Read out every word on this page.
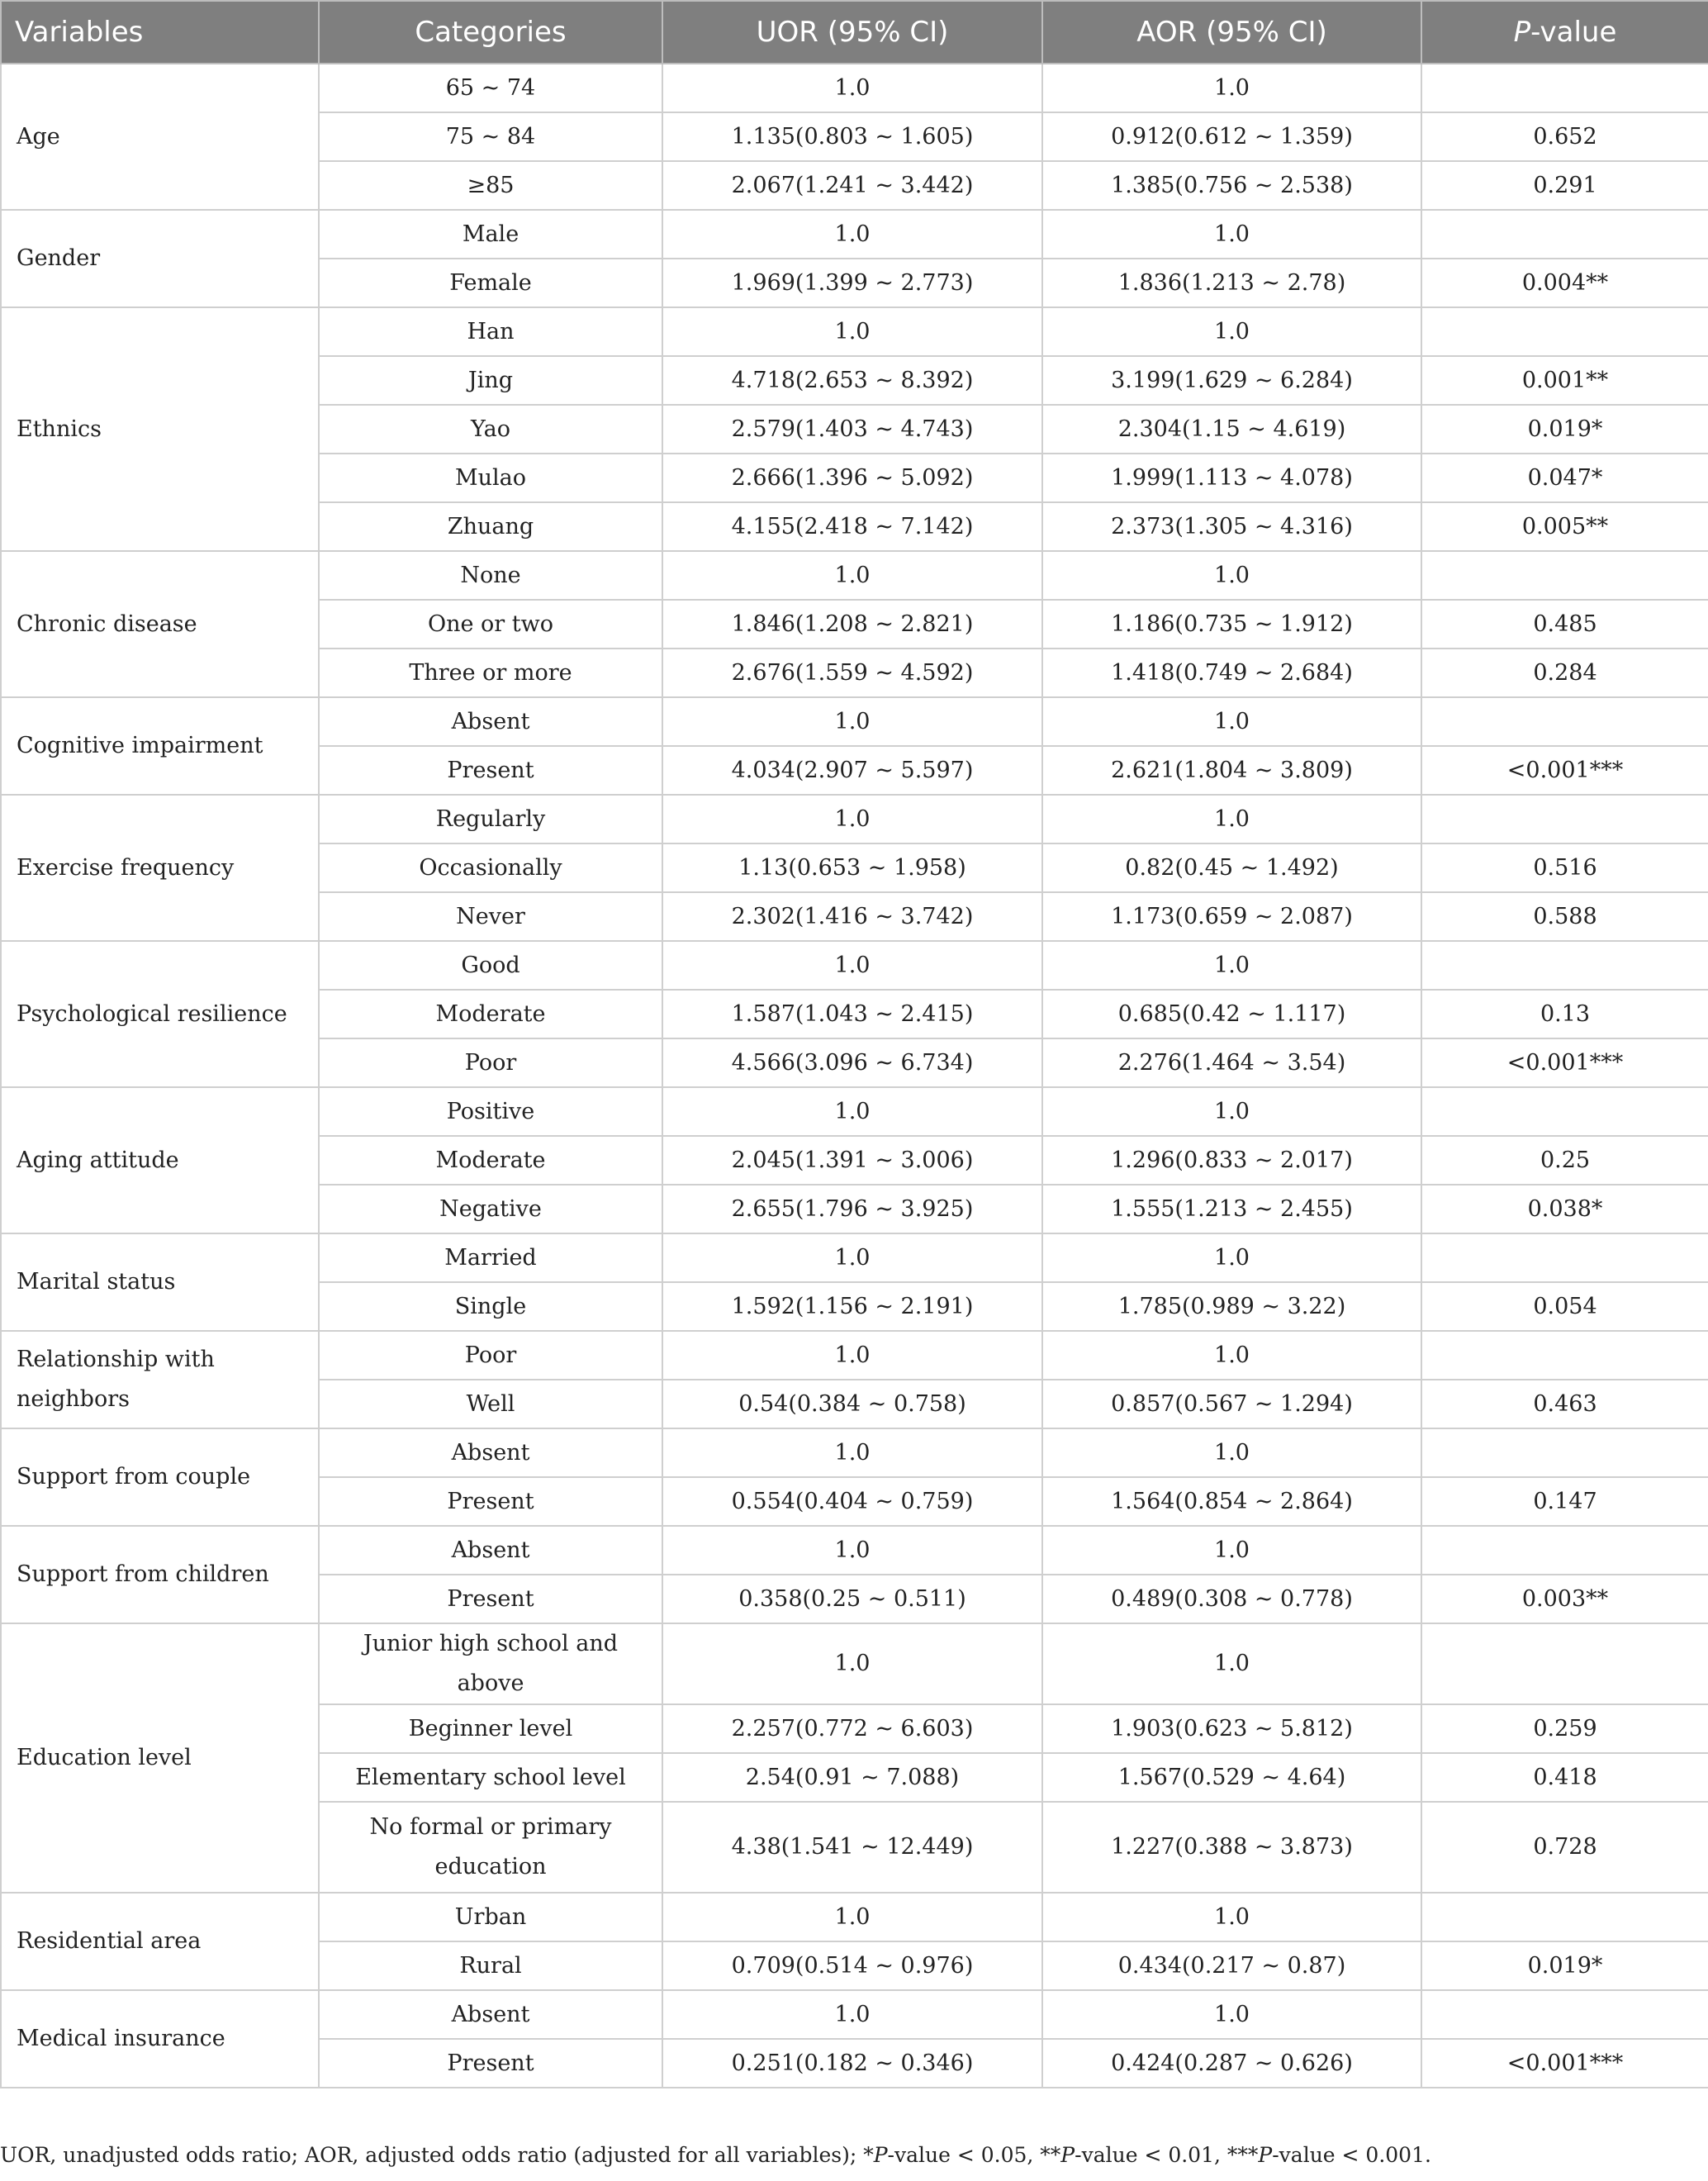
Variables	Categories	UOR (95% CI)	AOR (95% CI)	P-value
Age	65 ~ 74	1.0	1.0	
	75 ~ 84	1.135(0.803 ~ 1.605)	0.912(0.612 ~ 1.359)	0.652
	≥85	2.067(1.241 ~ 3.442)	1.385(0.756 ~ 2.538)	0.291
Gender	Male	1.0	1.0	
	Female	1.969(1.399 ~ 2.773)	1.836(1.213 ~ 2.78)	0.004**
Ethnics	Han	1.0	1.0	
	Jing	4.718(2.653 ~ 8.392)	3.199(1.629 ~ 6.284)	0.001**
	Yao	2.579(1.403 ~ 4.743)	2.304(1.15 ~ 4.619)	0.019*
	Mulao	2.666(1.396 ~ 5.092)	1.999(1.113 ~ 4.078)	0.047*
	Zhuang	4.155(2.418 ~ 7.142)	2.373(1.305 ~ 4.316)	0.005**
Chronic disease	None	1.0	1.0	
	One or two	1.846(1.208 ~ 2.821)	1.186(0.735 ~ 1.912)	0.485
	Three or more	2.676(1.559 ~ 4.592)	1.418(0.749 ~ 2.684)	0.284
Cognitive impairment	Absent	1.0	1.0	
	Present	4.034(2.907 ~ 5.597)	2.621(1.804 ~ 3.809)	<0.001***
Exercise frequency	Regularly	1.0	1.0	
	Occasionally	1.13(0.653 ~ 1.958)	0.82(0.45 ~ 1.492)	0.516
	Never	2.302(1.416 ~ 3.742)	1.173(0.659 ~ 2.087)	0.588
Psychological resilience	Good	1.0	1.0	
	Moderate	1.587(1.043 ~ 2.415)	0.685(0.42 ~ 1.117)	0.13
	Poor	4.566(3.096 ~ 6.734)	2.276(1.464 ~ 3.54)	<0.001***
Aging attitude	Positive	1.0	1.0	
	Moderate	2.045(1.391 ~ 3.006)	1.296(0.833 ~ 2.017)	0.25
	Negative	2.655(1.796 ~ 3.925)	1.555(1.213 ~ 2.455)	0.038*
Marital status	Married	1.0	1.0	
	Single	1.592(1.156 ~ 2.191)	1.785(0.989 ~ 3.22)	0.054
Relationship with neighbors	Poor	1.0	1.0	
	Well	0.54(0.384 ~ 0.758)	0.857(0.567 ~ 1.294)	0.463
Support from couple	Absent	1.0	1.0	
	Present	0.554(0.404 ~ 0.759)	1.564(0.854 ~ 2.864)	0.147
Support from children	Absent	1.0	1.0	
	Present	0.358(0.25 ~ 0.511)	0.489(0.308 ~ 0.778)	0.003**
Education level	Junior high school and above	1.0	1.0	
	Beginner level	2.257(0.772 ~ 6.603)	1.903(0.623 ~ 5.812)	0.259
	Elementary school level	2.54(0.91 ~ 7.088)	1.567(0.529 ~ 4.64)	0.418
	No formal or primary education	4.38(1.541 ~ 12.449)	1.227(0.388 ~ 3.873)	0.728
Residential area	Urban	1.0	1.0	
	Rural	0.709(0.514 ~ 0.976)	0.434(0.217 ~ 0.87)	0.019*
Medical insurance	Absent	1.0	1.0	
	Present	0.251(0.182 ~ 0.346)	0.424(0.287 ~ 0.626)	<0.001***
UOR, unadjusted odds ratio; AOR, adjusted odds ratio (adjusted for all variables); *P-value < 0.05, **P-value < 0.01, ***P-value < 0.001.
